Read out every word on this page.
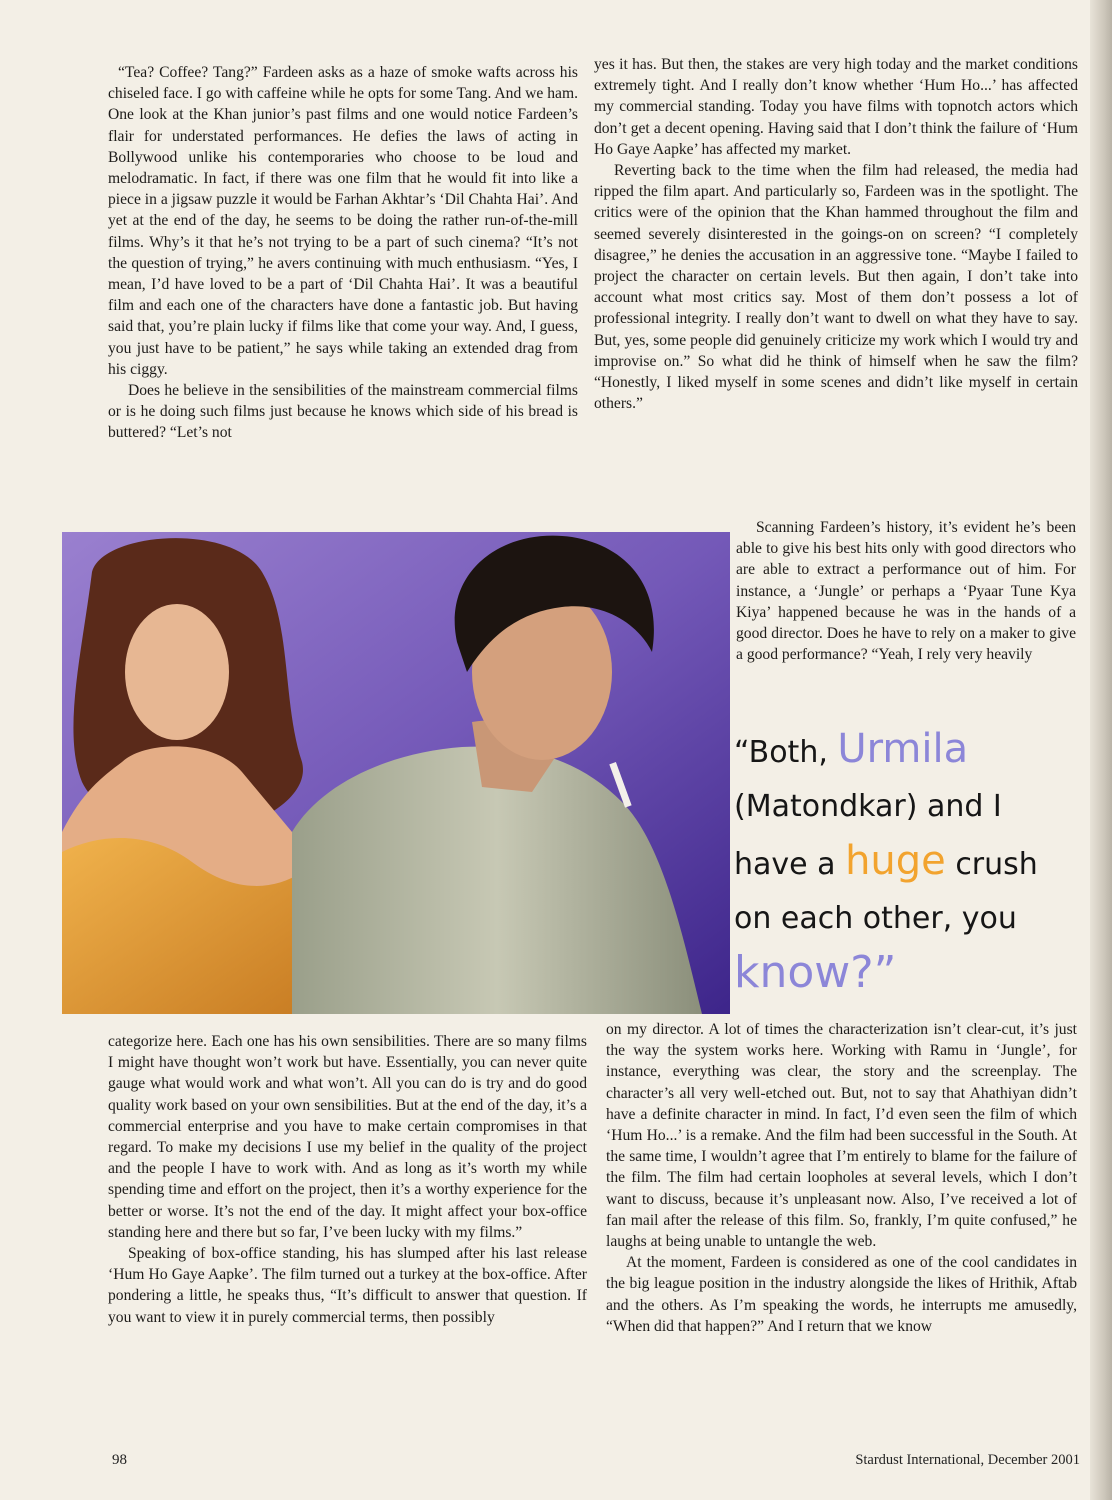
“Tea? Coffee? Tang?” Fardeen asks as a haze of smoke wafts across his chiseled face. I go with caffeine while he opts for some Tang. And we ham. One look at the Khan junior’s past films and one would notice Fardeen’s flair for understated performances. He defies the laws of acting in Bollywood unlike his contemporaries who choose to be loud and melodramatic. In fact, if there was one film that he would fit into like a piece in a jigsaw puzzle it would be Farhan Akhtar’s ‘Dil Chahta Hai’. And yet at the end of the day, he seems to be doing the rather run-of-the-mill films. Why’s it that he’s not trying to be a part of such cinema? “It’s not the question of trying,” he avers continuing with much enthusiasm. “Yes, I mean, I’d have loved to be a part of ‘Dil Chahta Hai’. It was a beautiful film and each one of the characters have done a fantastic job. But having said that, you’re plain lucky if films like that come your way. And, I guess, you just have to be patient,” he says while taking an extended drag from his ciggy.

Does he believe in the sensibilities of the mainstream commercial films or is he doing such films just because he knows which side of his bread is buttered? “Let’s not

yes it has. But then, the stakes are very high today and the market conditions extremely tight. And I really don’t know whether ‘Hum Ho...’ has affected my commercial standing. Today you have films with topnotch actors which don’t get a decent opening. Having said that I don’t think the failure of ‘Hum Ho Gaye Aapke’ has affected my market.

Reverting back to the time when the film had released, the media had ripped the film apart. And particularly so, Fardeen was in the spotlight. The critics were of the opinion that the Khan hammed throughout the film and seemed severely disinterested in the goings-on on screen? “I completely disagree,” he denies the accusation in an aggressive tone. “Maybe I failed to project the character on certain levels. But then again, I don’t take into account what most critics say. Most of them don’t possess a lot of professional integrity. I really don’t want to dwell on what they have to say. But, yes, some people did genuinely criticize my work which I would try and improvise on.” So what did he think of himself when he saw the film? “Honestly, I liked myself in some scenes and didn’t like myself in certain others.”

Scanning Fardeen’s history, it’s evident he’s been able to give his best hits only with good directors who are able to extract a performance out of him. For instance, a ‘Jungle’ or perhaps a ‘Pyaar Tune Kya Kiya’ happened because he was in the hands of a good director. Does he have to rely on a maker to give a good performance? “Yeah, I rely very heavily

“Both, Urmila
(Matondkar) and I
have a huge crush
on each other, you
know?”

categorize here. Each one has his own sensibilities. There are so many films I might have thought won’t work but have. Essentially, you can never quite gauge what would work and what won’t. All you can do is try and do good quality work based on your own sensibilities. But at the end of the day, it’s a commercial enterprise and you have to make certain compromises in that regard. To make my decisions I use my belief in the quality of the project and the people I have to work with. And as long as it’s worth my while spending time and effort on the project, then it’s a worthy experience for the better or worse. It’s not the end of the day. It might affect your box-office standing here and there but so far, I’ve been lucky with my films.”

Speaking of box-office standing, his has slumped after his last release ‘Hum Ho Gaye Aapke’. The film turned out a turkey at the box-office. After pondering a little, he speaks thus, “It’s difficult to answer that question. If you want to view it in purely commercial terms, then possibly

on my director. A lot of times the characterization isn’t clear-cut, it’s just the way the system works here. Working with Ramu in ‘Jungle’, for instance, everything was clear, the story and the screenplay. The character’s all very well-etched out. But, not to say that Ahathiyan didn’t have a definite character in mind. In fact, I’d even seen the film of which ‘Hum Ho...’ is a remake. And the film had been successful in the South. At the same time, I wouldn’t agree that I’m entirely to blame for the failure of the film. The film had certain loopholes at several levels, which I don’t want to discuss, because it’s unpleasant now. Also, I’ve received a lot of fan mail after the release of this film. So, frankly, I’m quite confused,” he laughs at being unable to untangle the web.

At the moment, Fardeen is considered as one of the cool candidates in the big league position in the industry alongside the likes of Hrithik, Aftab and the others. As I’m speaking the words, he interrupts me amusedly, “When did that happen?” And I return that we know

98	Stardust International, December 2001
